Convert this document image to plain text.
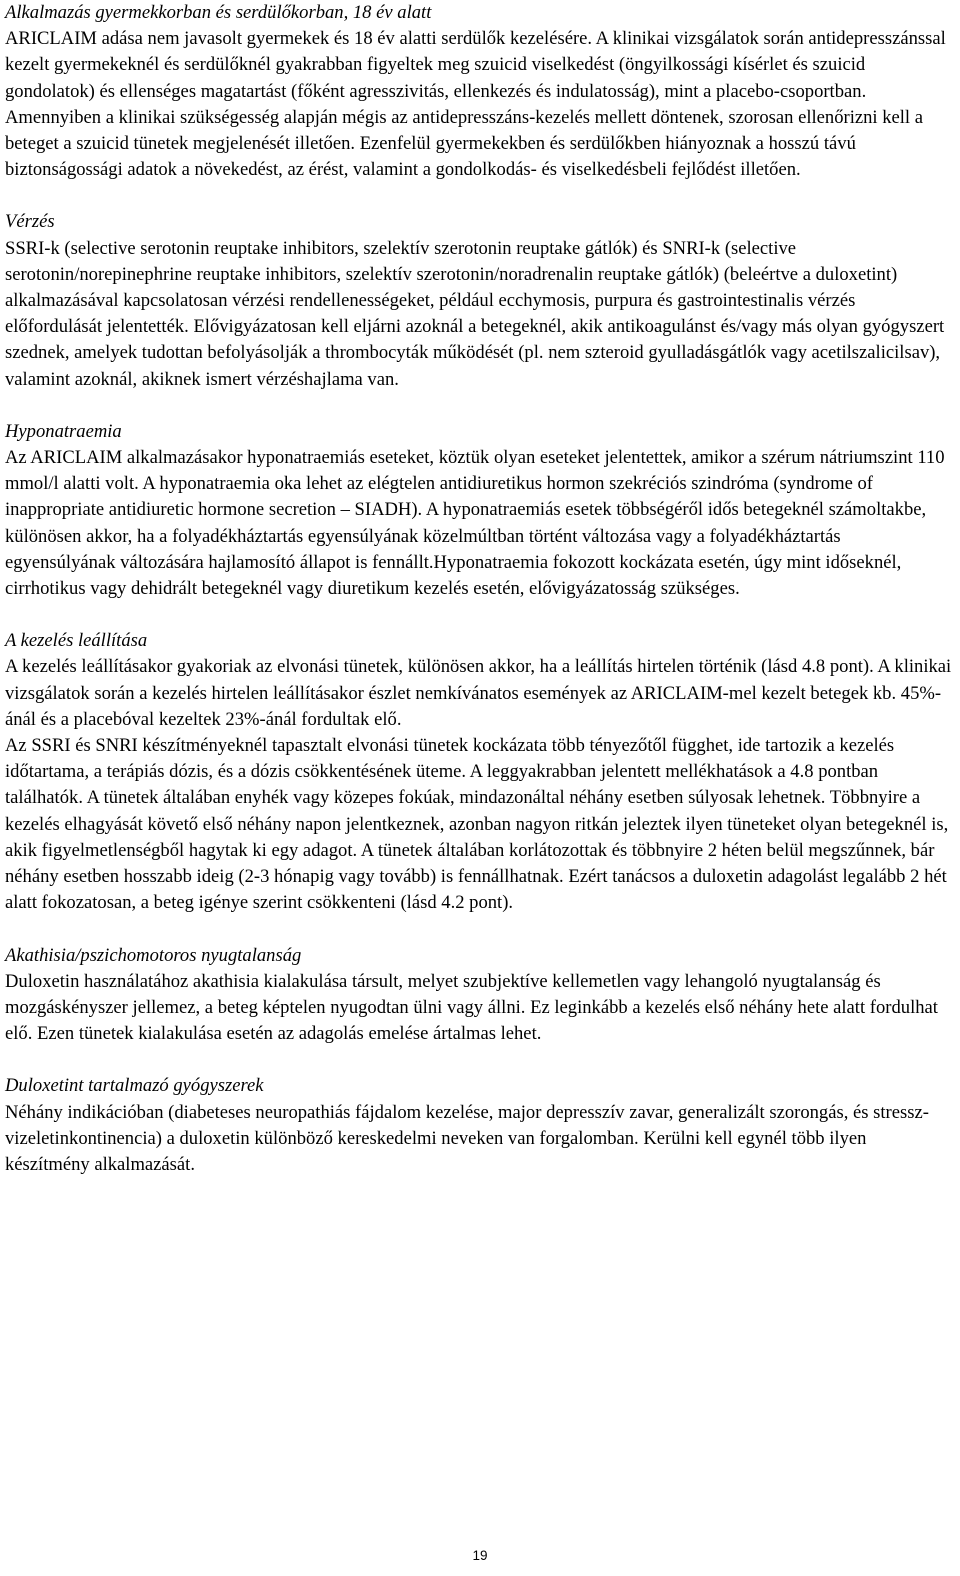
Alkalmazás gyermekkorban és serdülőkorban, 18 év alatt

ARICLAIM adása nem javasolt gyermekek és 18 év alatti serdülők kezelésére. A klinikai vizsgálatok során antidepresszánssal kezelt gyermekeknél és serdülőknél gyakrabban figyeltek meg szuicid viselkedést (öngyilkossági kísérlet és szuicid gondolatok) és ellenséges magatartást (főként agresszivitás, ellenkezés és indulatosság), mint a placebo-csoportban. Amennyiben a klinikai szükségesség alapján mégis az antidepresszáns-kezelés mellett döntenek, szorosan ellenőrizni kell a beteget a szuicid tünetek megjelenését illetően. Ezenfelül gyermekekben és serdülőkben hiányoznak a hosszú távú biztonságossági adatok a növekedést, az érést, valamint a gondolkodás- és viselkedésbeli fejlődést illetően.

Vérzés

SSRI-k (selective serotonin reuptake inhibitors, szelektív szerotonin reuptake gátlók) és SNRI-k (selective serotonin/norepinephrine reuptake inhibitors, szelektív szerotonin/noradrenalin reuptake gátlók) (beleértve a duloxetint) alkalmazásával kapcsolatosan vérzési rendellenességeket, például ecchymosis, purpura és gastrointestinalis vérzés előfordulását jelentették. Elővigyázatosan kell eljárni azoknál a betegeknél, akik antikoagulánst és/vagy más olyan gyógyszert szednek, amelyek tudottan befolyásolják a thrombocyták működését (pl. nem szteroid gyulladásgátlók vagy acetilszalicilsav), valamint azoknál, akiknek ismert vérzéshajlama van.

Hyponatraemia

Az ARICLAIM alkalmazásakor hyponatraemiás eseteket, köztük olyan eseteket jelentettek, amikor a szérum nátriumszint 110 mmol/l alatti volt. A hyponatraemia oka lehet az elégtelen antidiuretikus hormon szekréciós szindróma (syndrome of inappropriate antidiuretic hormone secretion – SIADH). A hyponatraemiás esetek többségéről idős betegeknél számoltakbe, különösen akkor, ha a folyadékháztartás egyensúlyának közelmúltban történt változása vagy a folyadékháztartás egyensúlyának változására hajlamosító állapot is fennállt.Hyponatraemia fokozott kockázata esetén, úgy mint időseknél, cirrhotikus vagy dehidrált betegeknél vagy diuretikum kezelés esetén, elővigyázatosság szükséges.

A kezelés leállítása

A kezelés leállításakor gyakoriak az elvonási tünetek, különösen akkor, ha a leállítás hirtelen történik (lásd 4.8 pont). A klinikai vizsgálatok során a kezelés hirtelen leállításakor észlet nemkívánatos események az ARICLAIM-mel kezelt betegek kb. 45%-ánál és a placebóval kezeltek 23%-ánál fordultak elő.

Az SSRI és SNRI készítményeknél tapasztalt elvonási tünetek kockázata több tényezőtől függhet, ide tartozik a kezelés időtartama, a terápiás dózis, és a dózis csökkentésének üteme. A leggyakrabban jelentett mellékhatások a 4.8 pontban találhatók. A tünetek általában enyhék vagy közepes fokúak, mindazonáltal néhány esetben súlyosak lehetnek. Többnyire a kezelés elhagyását követő első néhány napon jelentkeznek, azonban nagyon ritkán jeleztek ilyen tüneteket olyan betegeknél is, akik figyelmetlenségből hagytak ki egy adagot. A tünetek általában korlátozottak és többnyire 2 héten belül megszűnnek, bár néhány esetben hosszabb ideig (2-3 hónapig vagy tovább) is fennállhatnak. Ezért tanácsos a duloxetin adagolást legalább 2 hét alatt fokozatosan, a beteg igénye szerint csökkenteni (lásd 4.2 pont).

Akathisia/pszichomotoros nyugtalanság

Duloxetin használatához akathisia kialakulása társult, melyet szubjektíve kellemetlen vagy lehangoló nyugtalanság és mozgáskényszer jellemez, a beteg képtelen nyugodtan ülni vagy állni. Ez leginkább a kezelés első néhány hete alatt fordulhat elő. Ezen tünetek kialakulása esetén az adagolás emelése ártalmas lehet.

Duloxetint tartalmazó gyógyszerek

Néhány indikációban (diabeteses neuropathiás fájdalom kezelése, major depresszív zavar, generalizált szorongás, és stressz-vizeletinkontinencia) a duloxetin különböző kereskedelmi neveken van forgalomban. Kerülni kell egynél több ilyen készítmény alkalmazását.

19
